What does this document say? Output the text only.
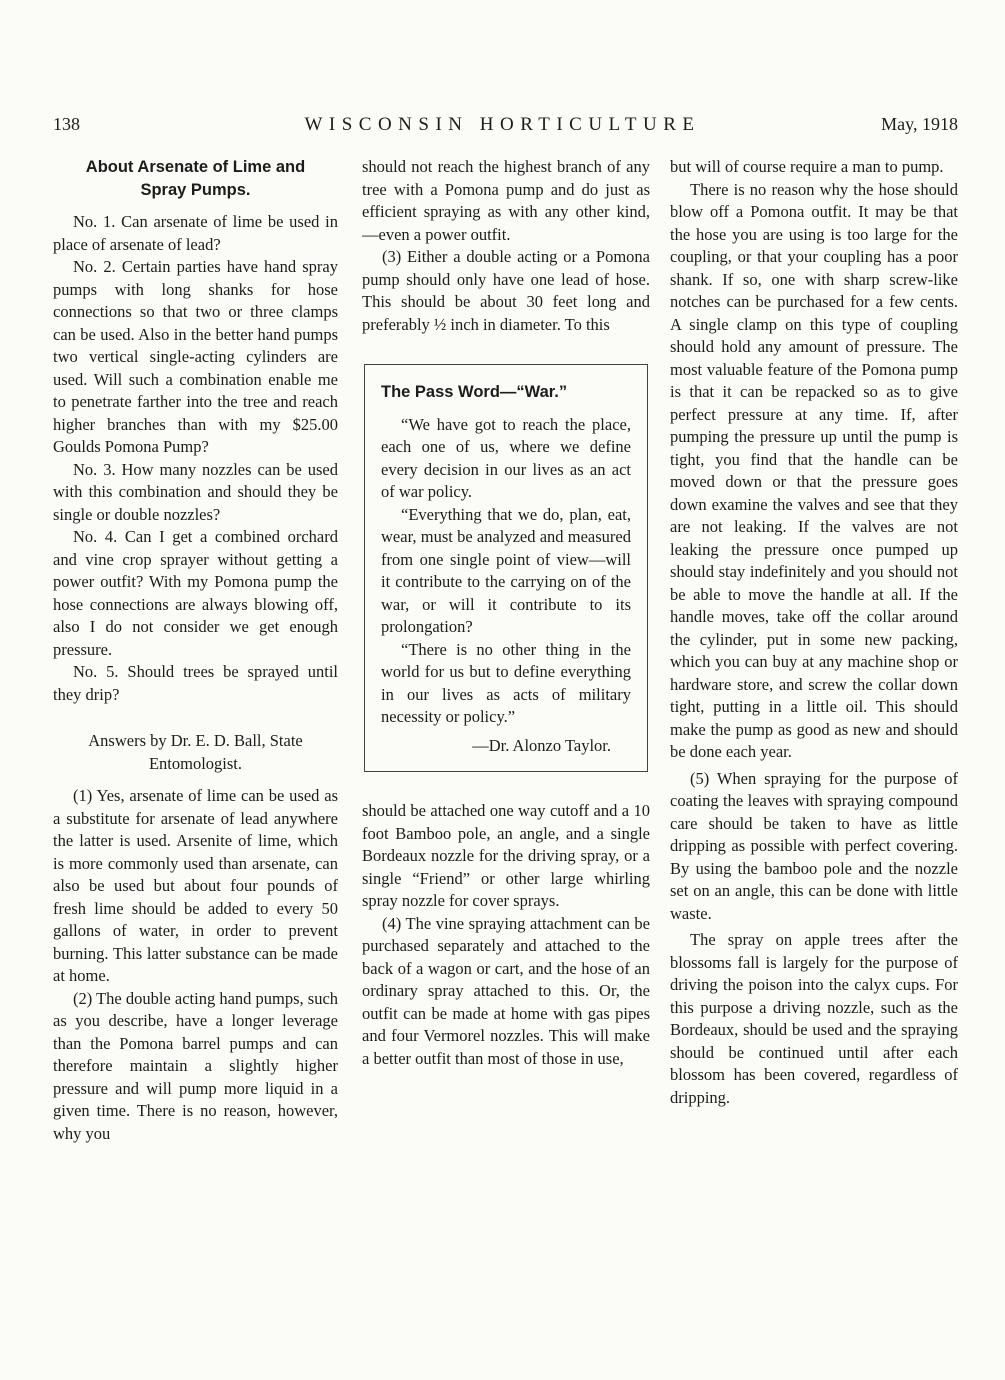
138	WISCONSIN HORTICULTURE	May, 1918

About Arsenate of Lime and Spray Pumps.

No. 1. Can arsenate of lime be used in place of arsenate of lead?

No. 2. Certain parties have hand spray pumps with long shanks for hose connections so that two or three clamps can be used. Also in the better hand pumps two vertical single-acting cylinders are used. Will such a combination enable me to penetrate farther into the tree and reach higher branches than with my $25.00 Goulds Pomona Pump?

No. 3. How many nozzles can be used with this combination and should they be single or double nozzles?

No. 4. Can I get a combined orchard and vine crop sprayer without getting a power outfit? With my Pomona pump the hose connections are always blowing off, also I do not consider we get enough pressure.

No. 5. Should trees be sprayed until they drip?

Answers by Dr. E. D. Ball, State Entomologist.

(1) Yes, arsenate of lime can be used as a substitute for arsenate of lead anywhere the latter is used. Arsenite of lime, which is more commonly used than arsenate, can also be used but about four pounds of fresh lime should be added to every 50 gallons of water, in order to prevent burning. This latter substance can be made at home.

(2) The double acting hand pumps, such as you describe, have a longer leverage than the Pomona barrel pumps and can therefore maintain a slightly higher pressure and will pump more liquid in a given time. There is no reason, however, why you

should not reach the highest branch of any tree with a Pomona pump and do just as efficient spraying as with any other kind, —even a power outfit.

(3) Either a double acting or a Pomona pump should only have one lead of hose. This should be about 30 feet long and preferably ½ inch in diameter. To this

The Pass Word—“War.”

“We have got to reach the place, each one of us, where we define every decision in our lives as an act of war policy.

“Everything that we do, plan, eat, wear, must be analyzed and measured from one single point of view—will it contribute to the carrying on of the war, or will it contribute to its prolongation?

“There is no other thing in the world for us but to define everything in our lives as acts of military necessity or policy.”

—Dr. Alonzo Taylor.

should be attached one way cutoff and a 10 foot Bamboo pole, an angle, and a single Bordeaux nozzle for the driving spray, or a single “Friend” or other large whirling spray nozzle for cover sprays.

(4) The vine spraying attachment can be purchased separately and attached to the back of a wagon or cart, and the hose of an ordinary spray attached to this. Or, the outfit can be made at home with gas pipes and four Vermorel nozzles. This will make a better outfit than most of those in use,

but will of course require a man to pump.

There is no reason why the hose should blow off a Pomona outfit. It may be that the hose you are using is too large for the coupling, or that your coupling has a poor shank. If so, one with sharp screw-like notches can be purchased for a few cents. A single clamp on this type of coupling should hold any amount of pressure. The most valuable feature of the Pomona pump is that it can be repacked so as to give perfect pressure at any time. If, after pumping the pressure up until the pump is tight, you find that the handle can be moved down or that the pressure goes down examine the valves and see that they are not leaking. If the valves are not leaking the pressure once pumped up should stay indefinitely and you should not be able to move the handle at all. If the handle moves, take off the collar around the cylinder, put in some new packing, which you can buy at any machine shop or hardware store, and screw the collar down tight, putting in a little oil. This should make the pump as good as new and should be done each year.

(5) When spraying for the purpose of coating the leaves with spraying compound care should be taken to have as little dripping as possible with perfect covering. By using the bamboo pole and the nozzle set on an angle, this can be done with little waste.

The spray on apple trees after the blossoms fall is largely for the purpose of driving the poison into the calyx cups. For this purpose a driving nozzle, such as the Bordeaux, should be used and the spraying should be continued until after each blossom has been covered, regardless of dripping.
